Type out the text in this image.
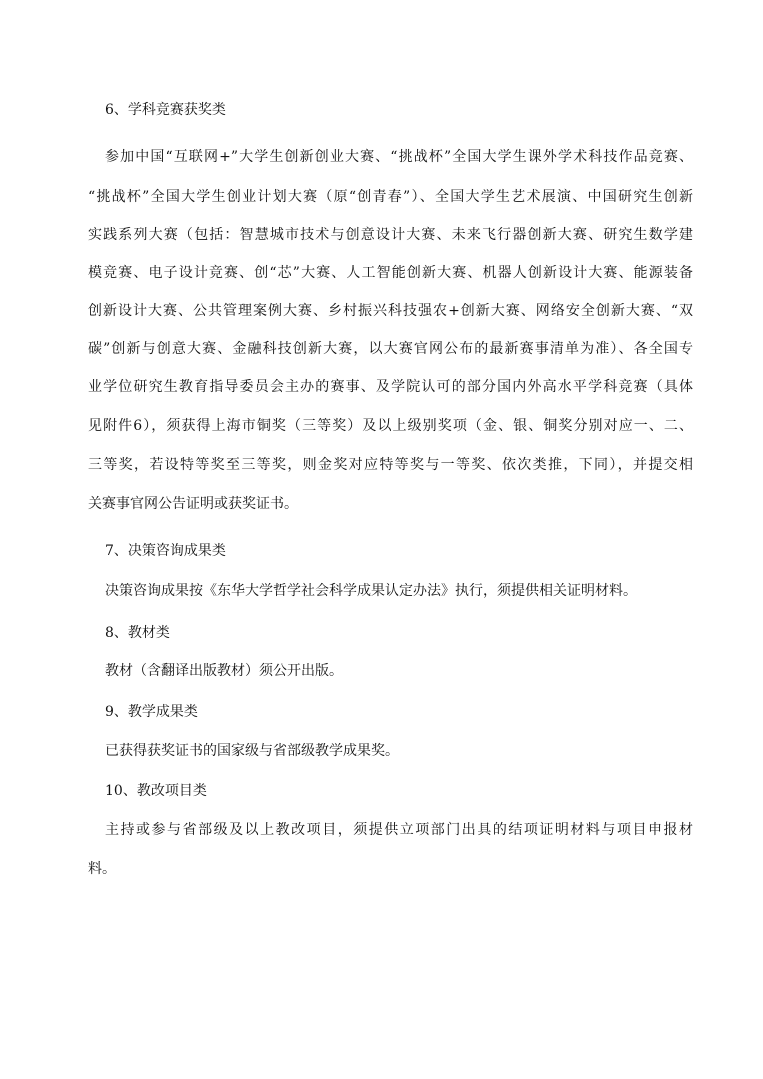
6、学科竞赛获奖类
参加中国“互联网+”大学生创新创业大赛、“挑战杯”全国大学生课外学术科技作品竞赛、
“挑战杯”全国大学生创业计划大赛（原“创青春”）、全国大学生艺术展演、中国研究生创新
实践系列大赛（包括：智慧城市技术与创意设计大赛、未来飞行器创新大赛、研究生数学建
模竞赛、电子设计竞赛、创“芯”大赛、人工智能创新大赛、机器人创新设计大赛、能源装备
创新设计大赛、公共管理案例大赛、乡村振兴科技强农+创新大赛、网络安全创新大赛、“双
碳”创新与创意大赛、金融科技创新大赛，以大赛官网公布的最新赛事清单为准）、各全国专
业学位研究生教育指导委员会主办的赛事、及学院认可的部分国内外高水平学科竞赛（具体
见附件6），须获得上海市铜奖（三等奖）及以上级别奖项（金、银、铜奖分别对应一、二、
三等奖，若设特等奖至三等奖，则金奖对应特等奖与一等奖、依次类推，下同），并提交相
关赛事官网公告证明或获奖证书。
7、决策咨询成果类
决策咨询成果按《东华大学哲学社会科学成果认定办法》执行，须提供相关证明材料。
8、教材类
教材（含翻译出版教材）须公开出版。
9、教学成果类
已获得获奖证书的国家级与省部级教学成果奖。
10、教改项目类
主持或参与省部级及以上教改项目，须提供立项部门出具的结项证明材料与项目申报材
料。
